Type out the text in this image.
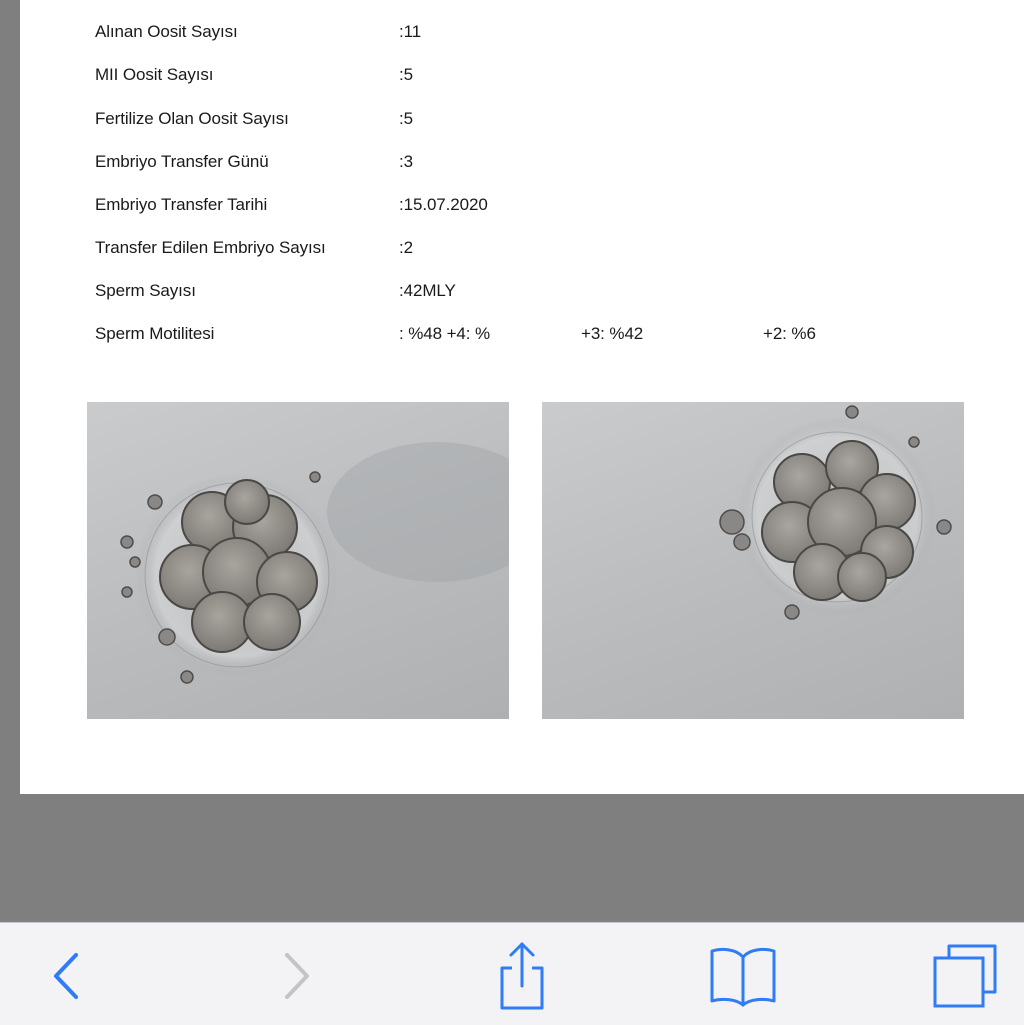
Alınan Oosit Sayısı	:11
MII Oosit Sayısı	:5
Fertilize Olan Oosit Sayısı	:5
Embriyo Transfer Günü	:3
Embriyo Transfer Tarihi	:15.07.2020
Transfer Edilen Embriyo Sayısı	:2
Sperm Sayısı	:42MLY
Sperm Motilitesi	: %48 +4: %	+3: %42	+2: %6
